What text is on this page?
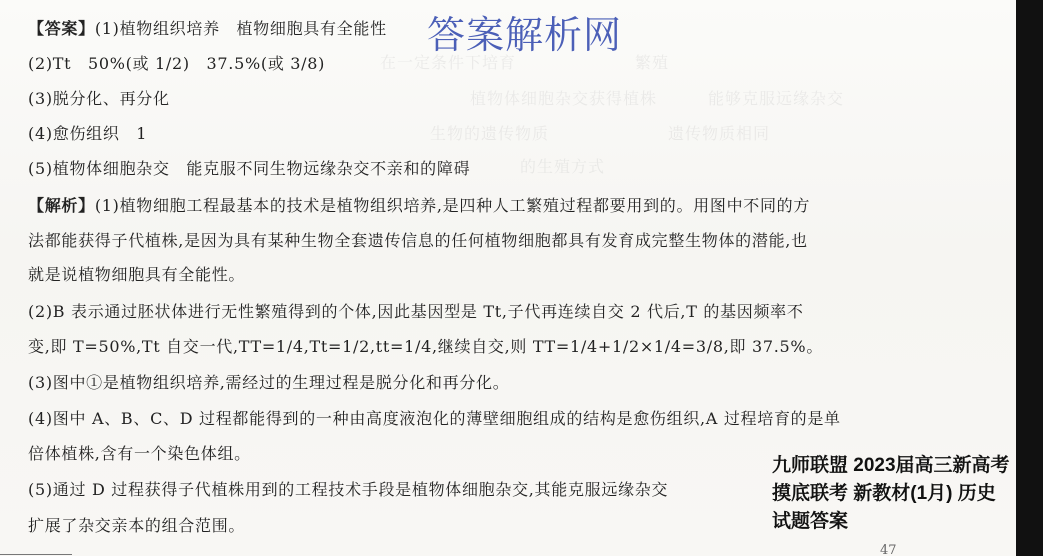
在一定条件下培育　　　　　　　繁殖　　　　　　　
植物体细胞杂交获得植株　　　能够克服远缘杂交
生物的遗传物质　　　　　　　遗传物质相同
的生殖方式　　　　　　　　
答案解析网
【答案】(1)植物组织培养　植物细胞具有全能性
(2)Tt　50%(或 1/2)　37.5%(或 3/8)
(3)脱分化、再分化
(4)愈伤组织　1
(5)植物体细胞杂交　能克服不同生物远缘杂交不亲和的障碍
【解析】(1)植物细胞工程最基本的技术是植物组织培养,是四种人工繁殖过程都要用到的。用图中不同的方
法都能获得子代植株,是因为具有某种生物全套遗传信息的任何植物细胞都具有发育成完整生物体的潜能,也
就是说植物细胞具有全能性。
(2)B 表示通过胚状体进行无性繁殖得到的个体,因此基因型是 Tt,子代再连续自交 2 代后,T 的基因频率不
变,即 T=50%,Tt 自交一代,TT=1/4,Tt=1/2,tt=1/4,继续自交,则 TT=1/4+1/2×1/4=3/8,即 37.5%。
(3)图中①是植物组织培养,需经过的生理过程是脱分化和再分化。
(4)图中 A、B、C、D 过程都能得到的一种由高度液泡化的薄壁细胞组成的结构是愈伤组织,A 过程培育的是单
倍体植株,含有一个染色体组。
(5)通过 D 过程获得子代植株用到的工程技术手段是植物体细胞杂交,其能克服远缘杂交
扩展了杂交亲本的组合范围。
47
九师联盟 2023届高三新高考
摸底联考 新教材(1月) 历史
试题答案
